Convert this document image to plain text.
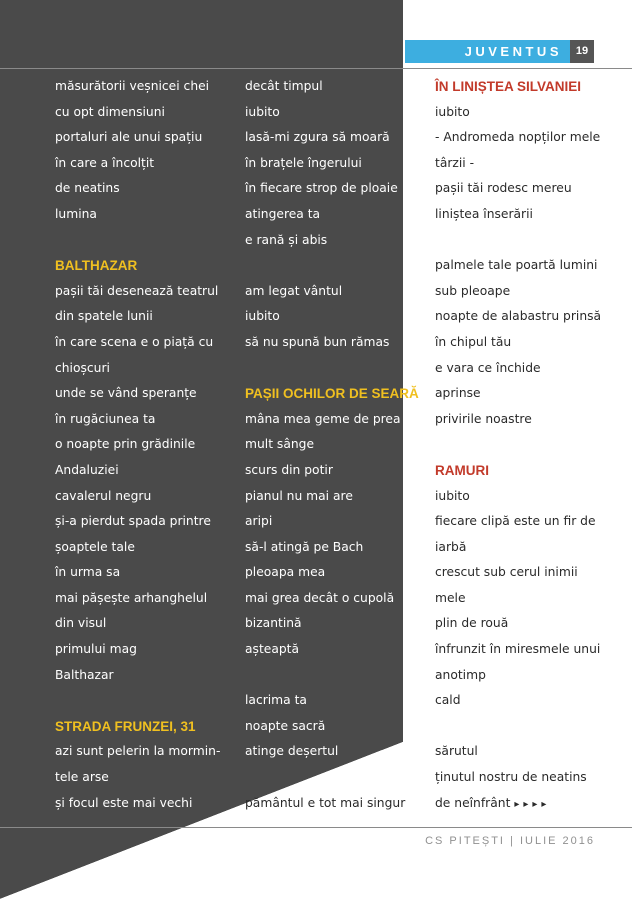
JUVENTUS	19
măsurătorii veșnicei chei
cu opt dimensiuni
portaluri ale unui spațiu
în care a încolțit
de neatins
lumina
BALTHAZAR
pașii tăi desenează teatrul
din spatele lunii
în care scena e o piață cu
chioșcuri
unde se vând speranțe
în rugăciunea ta
o noapte prin grădinile
Andaluziei
cavalerul negru
și-a pierdut spada printre
șoaptele tale
în urma sa
mai pășește arhanghelul
din visul
primului mag
Balthazar
STRADA FRUNZEI, 31
azi sunt pelerin la mormin-
tele arse
și focul este mai vechi
decât timpul
iubito
lasă-mi zgura să moară
în brațele îngerului
în fiecare strop de ploaie
atingerea ta
e rană și abis
am legat vântul
iubito
să nu spună bun rămas
PAȘII OCHILOR DE SEARĂ
mâna mea geme de prea
mult sânge
scurs din potir
pianul nu mai are
aripi
să-l atingă pe Bach
pleoapa mea
mai grea decât o cupolă
bizantină
așteaptă
lacrima ta
noapte sacră
atinge deșertul
pământul e tot mai singur
ÎN LINIȘTEA SILVANIEI
iubito
- Andromeda nopților mele
târzii -
pașii tăi rodesc mereu
liniștea înserării
palmele tale poartă lumini
sub pleoape
noapte de alabastru prinsă
în chipul tău
e vara ce închide
aprinse
privirile noastre
RAMURI
iubito
fiecare clipă este un fir de
iarbă
crescut sub cerul inimii
mele
plin de rouă
înfrunzit în miresmele unui
anotimp
cald
sărutul
ținutul nostru de neatins
de neînfrânt ▸▸▸▸
CS PITEȘTI | IULIE 2016
